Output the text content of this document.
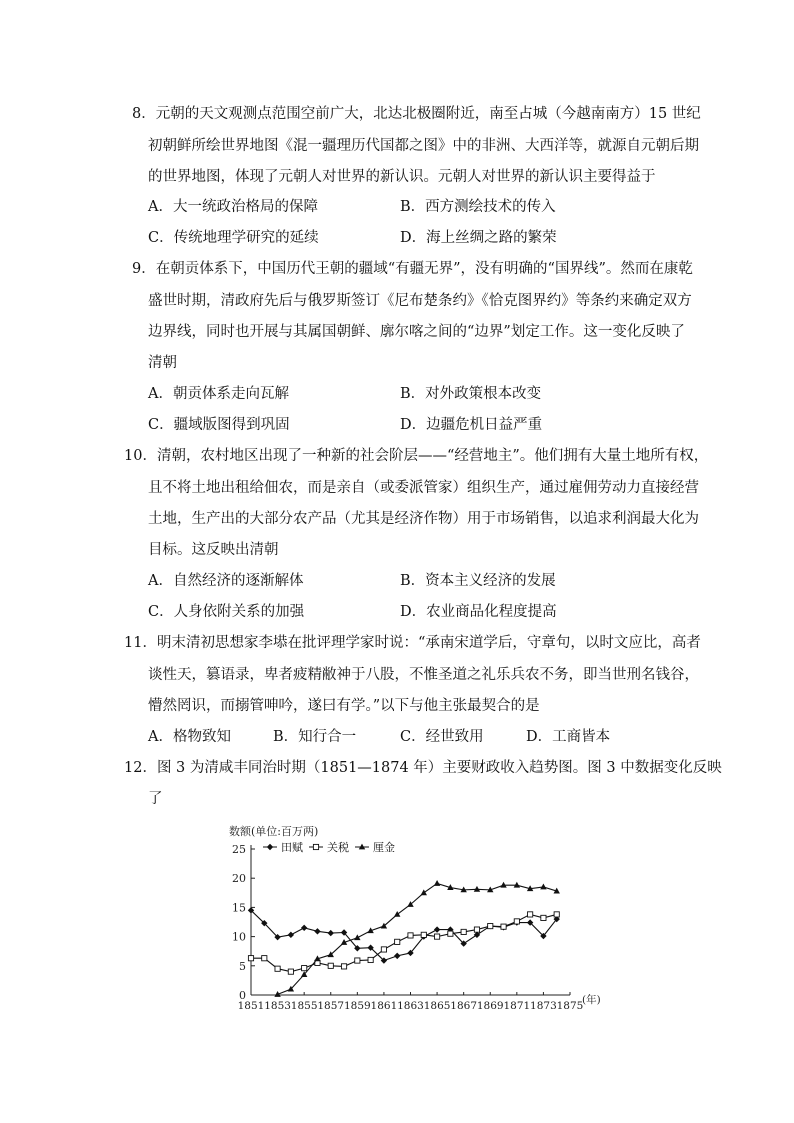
8．元朝的天文观测点范围空前广大，北达北极圈附近，南至占城（今越南南方）15 世纪
初朝鲜所绘世界地图《混一疆理历代国都之图》中的非洲、大西洋等，就源自元朝后期
的世界地图，体现了元朝人对世界的新认识。元朝人对世界的新认识主要得益于
A．大一统政治格局的保障	B．西方测绘技术的传入
C．传统地理学研究的延续	D．海上丝绸之路的繁荣
9．在朝贡体系下，中国历代王朝的疆域“有疆无界”，没有明确的“国界线”。然而在康乾
盛世时期，清政府先后与俄罗斯签订《尼布楚条约》《恰克图界约》等条约来确定双方
边界线，同时也开展与其属国朝鲜、廓尔喀之间的“边界”划定工作。这一变化反映了
清朝
A．朝贡体系走向瓦解	B．对外政策根本改变
C．疆域版图得到巩固	D．边疆危机日益严重
10．清朝，农村地区出现了一种新的社会阶层——“经营地主”。他们拥有大量土地所有权，
且不将土地出租给佃农，而是亲自（或委派管家）组织生产，通过雇佣劳动力直接经营
土地，生产出的大部分农产品（尤其是经济作物）用于市场销售，以追求利润最大化为
目标。这反映出清朝
A．自然经济的逐渐解体	B．资本主义经济的发展
C．人身依附关系的加强	D．农业商品化程度提高
11．明末清初思想家李塨在批评理学家时说：“承南宋道学后，守章句，以时文应比，高者
谈性天，篡语录，卑者疲精敝神于八股，不惟圣道之礼乐兵农不务，即当世刑名钱谷，
懵然罔识，而搦管呻吟，遂曰有学。”以下与他主张最契合的是
A．格物致知	B．知行合一	C．经世致用	D．工商皆本
12．图 3 为清咸丰同治时期（1851—1874 年）主要财政收入趋势图。图 3 中数据变化反映
了
0
5
10
15
20
25
1851 1853 1855 1857 1859 1861 1863 1865 1867 1869 1871 1873 1875
数额(单位:百万两)
(年)
田赋 关税 厘金
